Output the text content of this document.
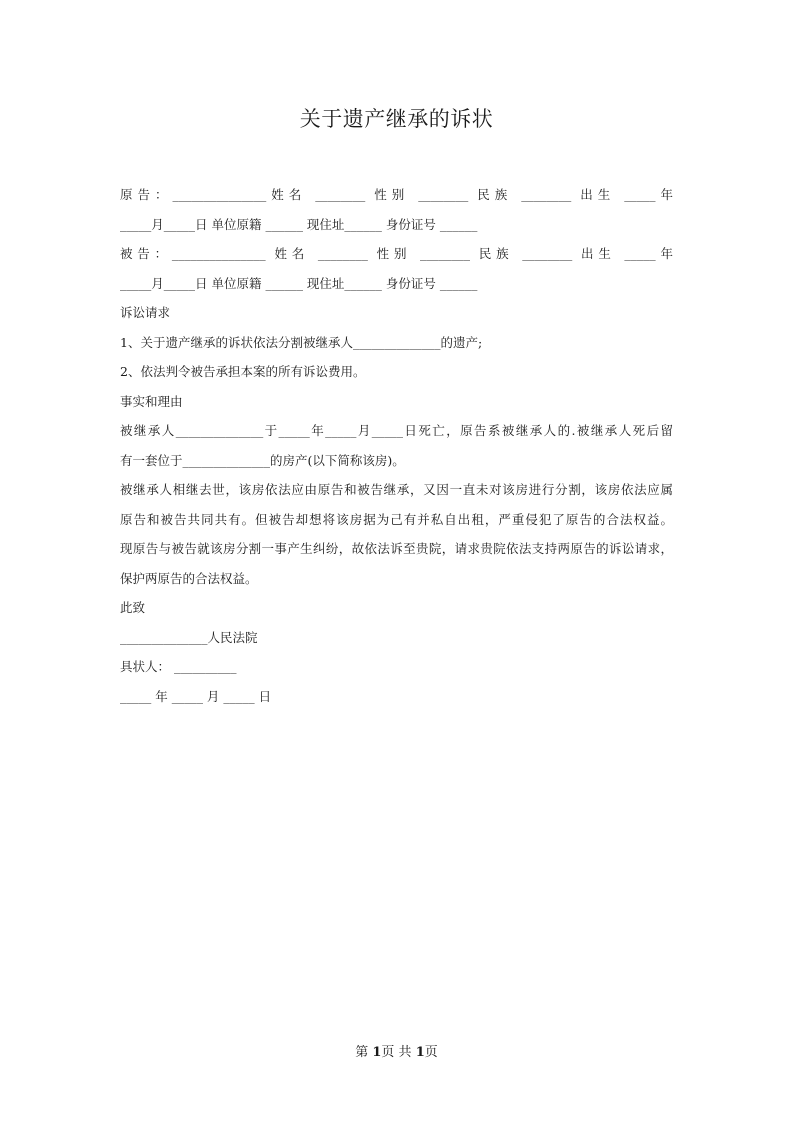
关于遗产继承的诉状
原告：_______________姓名 ________ 性别 ________ 民族 ________ 出生 _____年
_____月_____日 单位原籍 ______ 现住址______ 身份证号 ______
被告：_______________ 姓名 ________ 性别 ________ 民族 ________ 出生 _____年
_____月_____日 单位原籍 ______ 现住址______ 身份证号 ______
诉讼请求
1、关于遗产继承的诉状依法分割被继承人______________的遗产;
2、依法判令被告承担本案的所有诉讼费用。
事实和理由
被继承人______________于_____年_____月_____日死亡，原告系被继承人的.被继承人死后留
有一套位于______________的房产(以下简称该房)。
被继承人相继去世，该房依法应由原告和被告继承，又因一直未对该房进行分割，该房依法应属
原告和被告共同共有。但被告却想将该房据为己有并私自出租，严重侵犯了原告的合法权益。
现原告与被告就该房分割一事产生纠纷，故依法诉至贵院，请求贵院依法支持两原告的诉讼请求，
保护两原告的合法权益。
此致
______________人民法院
具状人： __________
_____ 年 _____ 月 _____ 日
第 1页 共 1页
